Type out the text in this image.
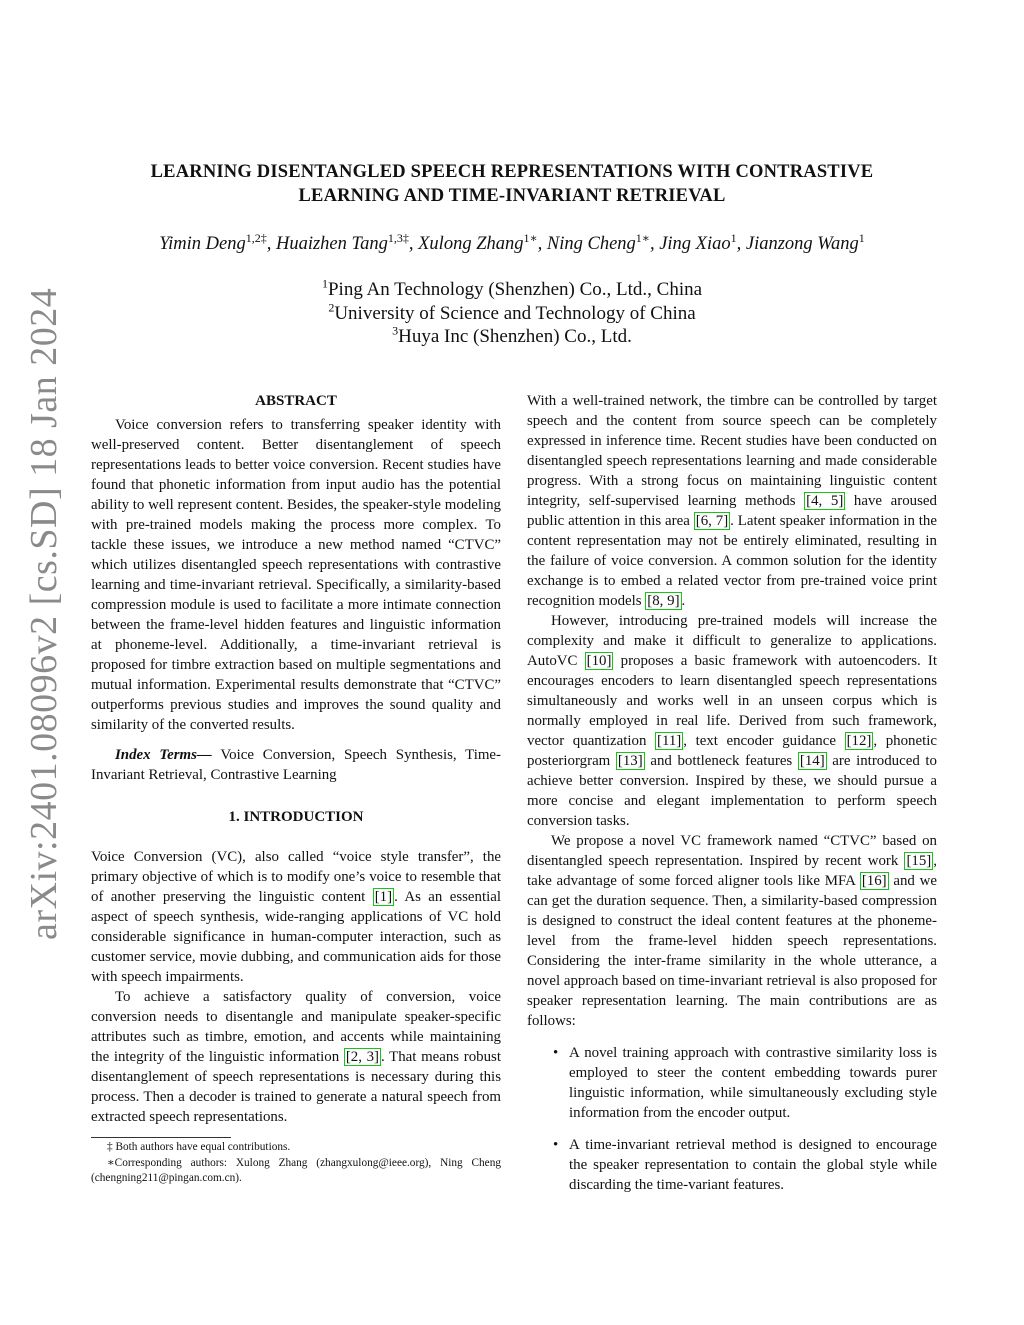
arXiv:2401.08096v2 [cs.SD] 18 Jan 2024
LEARNING DISENTANGLED SPEECH REPRESENTATIONS WITH CONTRASTIVE
LEARNING AND TIME-INVARIANT RETRIEVAL
Yimin Deng$^{1,2\ddagger}$, Huaizhen Tang$^{1,3\ddagger}$, Xulong Zhang$^{1∗}$, Ning Cheng$^{1∗}$, Jing Xiao$^1$, Jianzong Wang$^1$
$^1$Ping An Technology (Shenzhen) Co., Ltd., China
$^2$University of Science and Technology of China
$^3$Huya Inc (Shenzhen) Co., Ltd.
ABSTRACT

Voice conversion refers to transferring speaker identity with well-preserved content. Better disentanglement of speech representations leads to better voice conversion. Recent studies have found that phonetic information from input audio has the potential ability to well represent content. Besides, the speaker-style modeling with pre-trained models making the process more complex. To tackle these issues, we introduce a new method named “CTVC” which utilizes disentangled speech representations with contrastive learning and time-invariant retrieval. Specifically, a similarity-based compression module is used to facilitate a more intimate connection between the frame-level hidden features and linguistic information at phoneme-level. Additionally, a time-invariant retrieval is proposed for timbre extraction based on multiple segmentations and mutual information. Experimental results demonstrate that “CTVC” outperforms previous studies and improves the sound quality and similarity of the converted results.

Index Terms— Voice Conversion, Speech Synthesis, Time-Invariant Retrieval, Contrastive Learning

1. INTRODUCTION

Voice Conversion (VC), also called “voice style transfer”, the primary objective of which is to modify one’s voice to resemble that of another preserving the linguistic content [1] . As an essential aspect of speech synthesis, wide-ranging applications of VC hold considerable significance in human-computer interaction, such as customer service, movie dubbing, and communication aids for those with speech impairments.

To achieve a satisfactory quality of conversion, voice conversion needs to disentangle and manipulate speaker-specific attributes such as timbre, emotion, and accents while maintaining the integrity of the linguistic information [2, 3] . That means robust disentanglement of speech representations is necessary during this process. Then a decoder is trained to generate a natural speech from extracted speech representations.

‡ Both authors have equal contributions.

∗Corresponding authors: Xulong Zhang (zhangxulong@ieee.org), Ning Cheng (chengning211@pingan.com.cn).

With a well-trained network, the timbre can be controlled by target speech and the content from source speech can be completely expressed in inference time. Recent studies have been conducted on disentangled speech representations learning and made considerable progress. With a strong focus on maintaining linguistic content integrity, self-supervised learning methods [4, 5] have aroused public attention in this area [6, 7] . Latent speaker information in the content representation may not be entirely eliminated, resulting in the failure of voice conversion. A common solution for the identity exchange is to embed a related vector from pre-trained voice print recognition models [8, 9] .

However, introducing pre-trained models will increase the complexity and make it difficult to generalize to applications. AutoVC [10] proposes a basic framework with autoencoders. It encourages encoders to learn disentangled speech representations simultaneously and works well in an unseen corpus which is normally employed in real life. Derived from such framework, vector quantization [11] , text encoder guidance [12] , phonetic posteriorgram [13] and bottleneck features [14] are introduced to achieve better conversion. Inspired by these, we should pursue a more concise and elegant implementation to perform speech conversion tasks.

We propose a novel VC framework named “CTVC” based on disentangled speech representation. Inspired by recent work [15] , take advantage of some forced aligner tools like MFA [16] and we can get the duration sequence. Then, a similarity-based compression is designed to construct the ideal content features at the phoneme-level from the frame-level hidden speech representations. Considering the inter-frame similarity in the whole utterance, a novel approach based on time-invariant retrieval is also proposed for speaker representation learning. The main contributions are as follows:

• A novel training approach with contrastive similarity loss is employed to steer the content embedding towards purer linguistic information, while simultaneously excluding style information from the encoder output.
• A time-invariant retrieval method is designed to encourage the speaker representation to contain the global style while discarding the time-variant features.
